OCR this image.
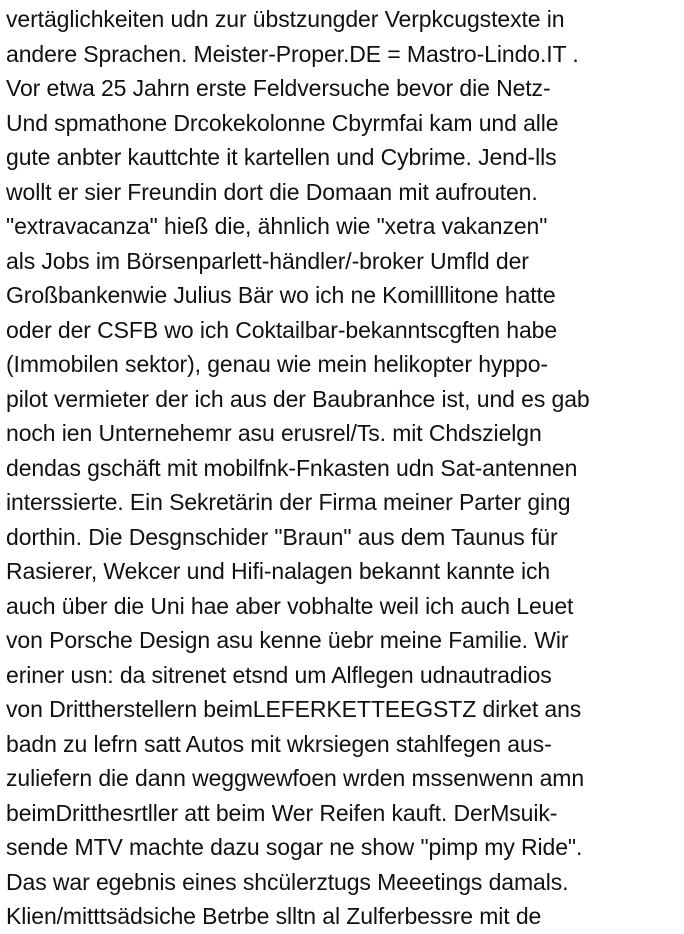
vertäglichkeiten udn zur übstzungder Verpkcugstexte in
andere Sprachen. Meister-Proper.DE = Mastro-Lindo.IT .
Vor etwa 25 Jahrn erste Feldversuche bevor die Netz-
Und spmathone Drcokekolonne Cbyrmfai kam und alle
gute anbter kauttchte it kartellen und Cybrime. Jend-lls
wollt er sier Freundin dort die Domaan mit aufrouten.
"extravacanza" hieß die, ähnlich wie "xetra vakanzen"
als Jobs im Börsenparlett-händler/-broker Umfld der
Großbankenwie Julius Bär wo ich ne Komilllitone hatte
oder der CSFB wo ich Coktailbar-bekanntscgften habe
(Immobilen sektor), genau wie mein helikopter hyppo-
pilot vermieter der ich aus der Baubranhce ist, und es gab
noch ien Unternehemr asu erusrel/Ts. mit Chdszielgn
dendas gschäft mit mobilfnk-Fnkasten udn Sat-antennen
interssierte. Ein Sekretärin der Firma meiner Parter ging
dorthin. Die Desgnschider "Braun" aus dem Taunus für
Rasierer, Wekcer und Hifi-nalagen bekannt kannte ich
auch über die Uni hae aber vobhalte weil ich auch Leuet
von Porsche Design asu kenne üebr meine Familie. Wir
eriner usn: da sitrenet etsnd um Alflegen udnautradios
von Drittherstellern beimLEFERKETTEEGSTZ dirket ans
badn zu lefrn satt Autos mit wkrsiegen stahlfegen aus-
zuliefern die dann weggwewfoen wrden mssenwenn amn
beimDritthesrtller att beim Wer Reifen kauft. DerMsuik-
sende MTV machte dazu sogar ne show "pimp my Ride".
Das war egebnis eines shcülerztugs Meeetings damals.
Klien/mitttsädsiche Betrbe slltn al Zulferbessre mit de
